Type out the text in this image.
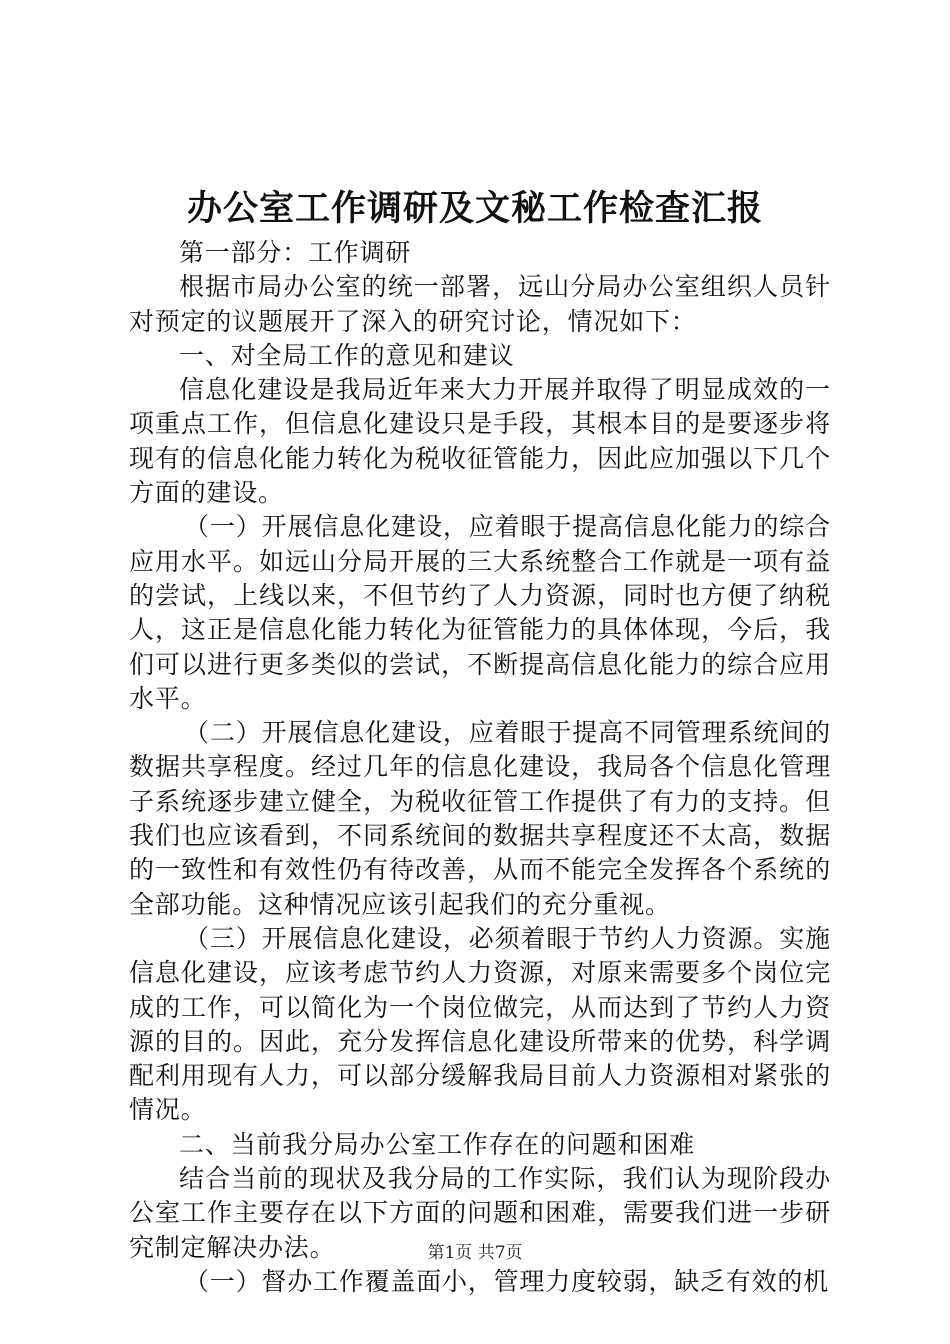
办公室工作调研及文秘工作检查汇报

第一部分：工作调研

根据市局办公室的统一部署，远山分局办公室组织人员针对预定的议题展开了深入的研究讨论，情况如下：

一、对全局工作的意见和建议

信息化建设是我局近年来大力开展并取得了明显成效的一项重点工作，但信息化建设只是手段，其根本目的是要逐步将现有的信息化能力转化为税收征管能力，因此应加强以下几个方面的建设。

（一）开展信息化建设，应着眼于提高信息化能力的综合应用水平。如远山分局开展的三大系统整合工作就是一项有益的尝试，上线以来，不但节约了人力资源，同时也方便了纳税人，这正是信息化能力转化为征管能力的具体体现，今后，我们可以进行更多类似的尝试，不断提高信息化能力的综合应用水平。

（二）开展信息化建设，应着眼于提高不同管理系统间的数据共享程度。经过几年的信息化建设，我局各个信息化管理子系统逐步建立健全，为税收征管工作提供了有力的支持。但我们也应该看到，不同系统间的数据共享程度还不太高，数据的一致性和有效性仍有待改善，从而不能完全发挥各个系统的全部功能。这种情况应该引起我们的充分重视。

（三）开展信息化建设，必须着眼于节约人力资源。实施信息化建设，应该考虑节约人力资源，对原来需要多个岗位完成的工作，可以简化为一个岗位做完，从而达到了节约人力资源的目的。因此，充分发挥信息化建设所带来的优势，科学调配利用现有人力，可以部分缓解我局目前人力资源相对紧张的情况。

二、当前我分局办公室工作存在的问题和困难

结合当前的现状及我分局的工作实际，我们认为现阶段办公室工作主要存在以下方面的问题和困难，需要我们进一步研究制定解决办法。

（一）督办工作覆盖面小，管理力度较弱，缺乏有效的机

第1页 共7页
